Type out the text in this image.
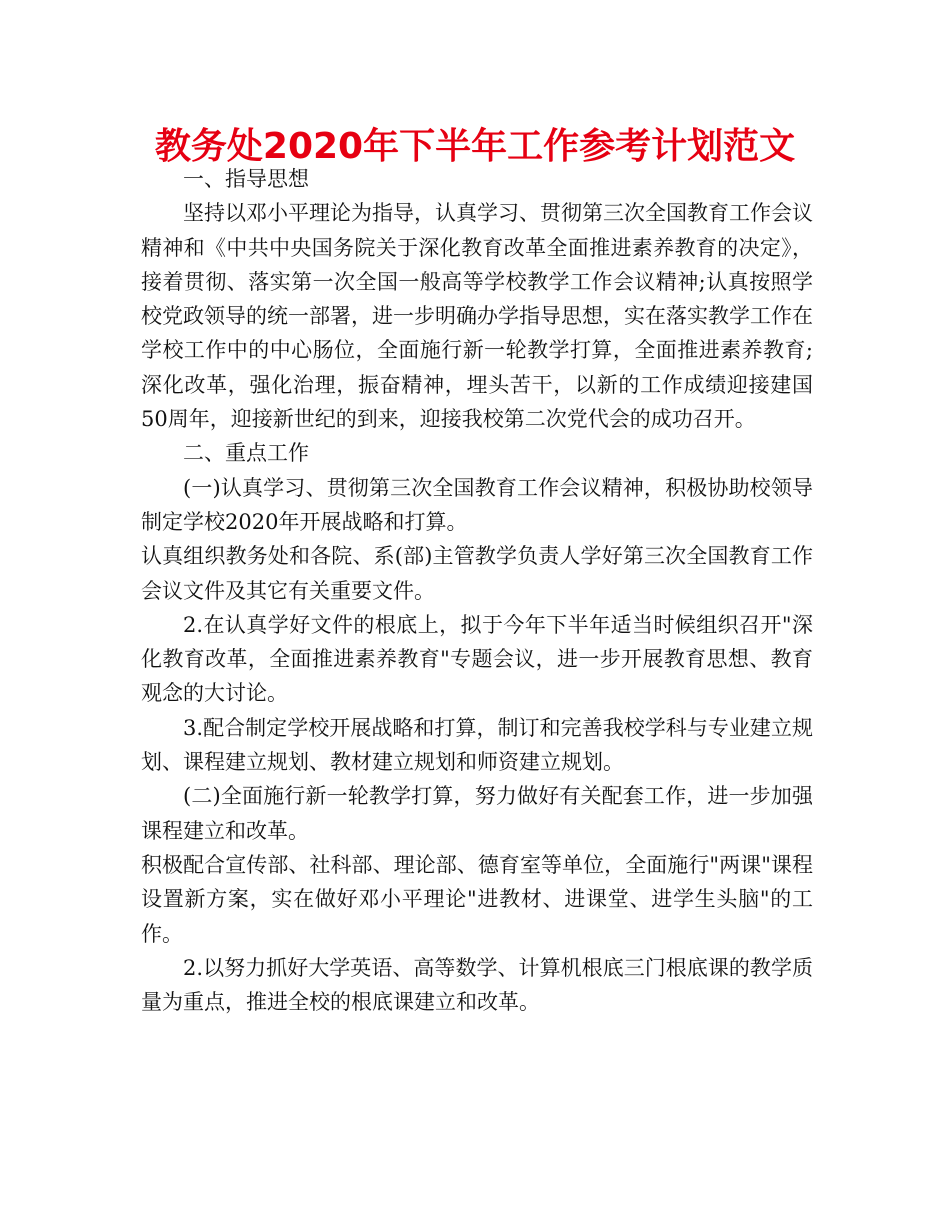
教务处2020年下半年工作参考计划范文

一、指导思想

坚持以邓小平理论为指导，认真学习、贯彻第三次全国教育工作会议精神和《中共中央国务院关于深化教育改革全面推进素养教育的决定》，接着贯彻、落实第一次全国一般高等学校教学工作会议精神;认真按照学校党政领导的统一部署，进一步明确办学指导思想，实在落实教学工作在学校工作中的中心肠位，全面施行新一轮教学打算，全面推进素养教育;深化改革，强化治理，振奋精神，埋头苦干，以新的工作成绩迎接建国50周年，迎接新世纪的到来，迎接我校第二次党代会的成功召开。

二、重点工作

(一)认真学习、贯彻第三次全国教育工作会议精神，积极协助校领导制定学校2020年开展战略和打算。

认真组织教务处和各院、系(部)主管教学负责人学好第三次全国教育工作会议文件及其它有关重要文件。

2.在认真学好文件的根底上，拟于今年下半年适当时候组织召开"深化教育改革，全面推进素养教育"专题会议，进一步开展教育思想、教育观念的大讨论。

3.配合制定学校开展战略和打算，制订和完善我校学科与专业建立规划、课程建立规划、教材建立规划和师资建立规划。

(二)全面施行新一轮教学打算，努力做好有关配套工作，进一步加强课程建立和改革。

积极配合宣传部、社科部、理论部、德育室等单位，全面施行"两课"课程设置新方案，实在做好邓小平理论"进教材、进课堂、进学生头脑"的工作。

2.以努力抓好大学英语、高等数学、计算机根底三门根底课的教学质量为重点，推进全校的根底课建立和改革。
